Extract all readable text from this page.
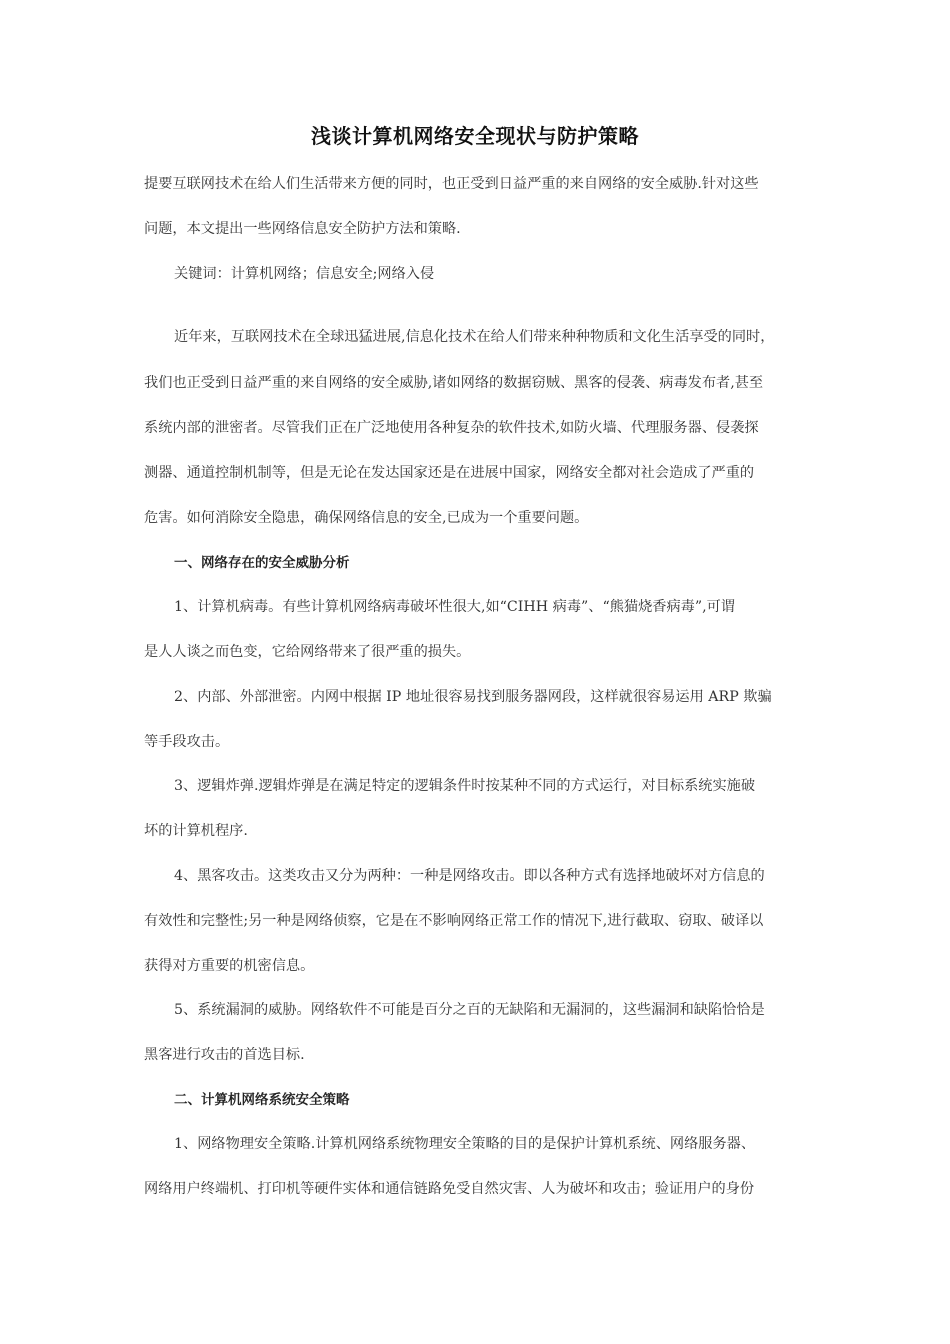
浅谈计算机网络安全现状与防护策略
提要互联网技术在给人们生活带来方便的同时，也正受到日益严重的来自网络的安全威胁.针对这些
问题，本文提出一些网络信息安全防护方法和策略.
关键词：计算机网络；信息安全;网络入侵
近年来，互联网技术在全球迅猛进展,信息化技术在给人们带来种种物质和文化生活享受的同时，
我们也正受到日益严重的来自网络的安全威胁,诸如网络的数据窃贼、黑客的侵袭、病毒发布者,甚至
系统内部的泄密者。尽管我们正在广泛地使用各种复杂的软件技术,如防火墙、代理服务器、侵袭探
测器、通道控制机制等，但是无论在发达国家还是在进展中国家，网络安全都对社会造成了严重的
危害。如何消除安全隐患，确保网络信息的安全,已成为一个重要问题。
一、网络存在的安全威胁分析
1、计算机病毒。有些计算机网络病毒破坏性很大,如“CIHH 病毒”、“熊猫烧香病毒”,可谓
是人人谈之而色变，它给网络带来了很严重的损失。
2、内部、外部泄密。内网中根据 IP 地址很容易找到服务器网段，这样就很容易运用 ARP 欺骗
等手段攻击。
3、逻辑炸弹.逻辑炸弹是在满足特定的逻辑条件时按某种不同的方式运行，对目标系统实施破
坏的计算机程序.
4、黑客攻击。这类攻击又分为两种：一种是网络攻击。即以各种方式有选择地破坏对方信息的
有效性和完整性;另一种是网络侦察，它是在不影响网络正常工作的情况下,进行截取、窃取、破译以
获得对方重要的机密信息。
5、系统漏洞的威胁。网络软件不可能是百分之百的无缺陷和无漏洞的，这些漏洞和缺陷恰恰是
黑客进行攻击的首选目标.
二、计算机网络系统安全策略
1、网络物理安全策略.计算机网络系统物理安全策略的目的是保护计算机系统、网络服务器、
网络用户终端机、打印机等硬件实体和通信链路免受自然灾害、人为破坏和攻击；验证用户的身份
